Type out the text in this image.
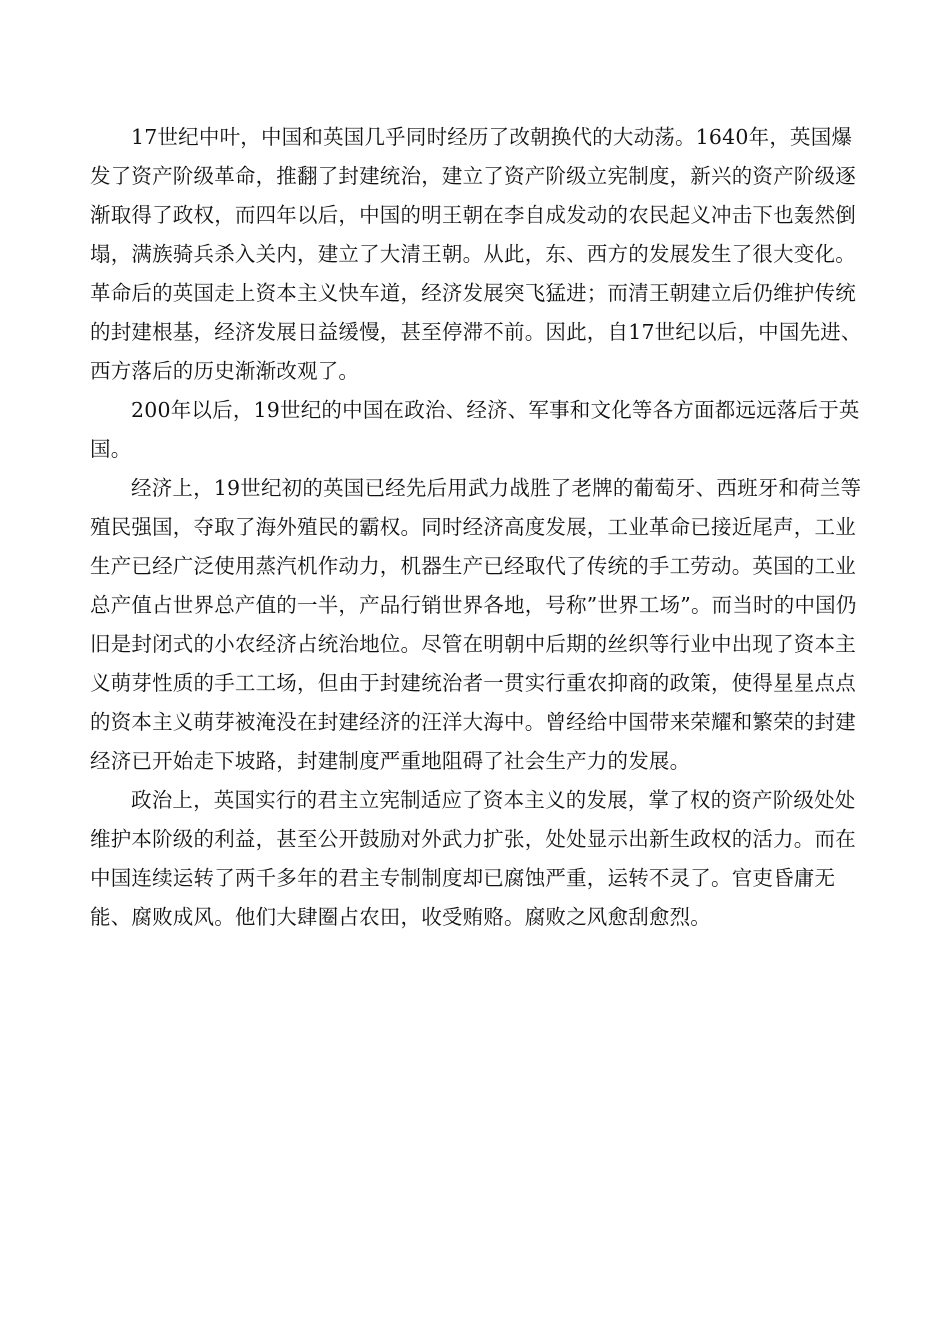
17世纪中叶，中国和英国几乎同时经历了改朝换代的大动荡。1640年，英国爆发了资产阶级革命，推翻了封建统治，建立了资产阶级立宪制度，新兴的资产阶级逐渐取得了政权，而四年以后，中国的明王朝在李自成发动的农民起义冲击下也轰然倒塌，满族骑兵杀入关内，建立了大清王朝。从此，东、西方的发展发生了很大变化。革命后的英国走上资本主义快车道，经济发展突飞猛进；而清王朝建立后仍维护传统的封建根基，经济发展日益缓慢，甚至停滞不前。因此，自17世纪以后，中国先进、西方落后的历史渐渐改观了。

200年以后，19世纪的中国在政治、经济、军事和文化等各方面都远远落后于英国。

经济上，19世纪初的英国已经先后用武力战胜了老牌的葡萄牙、西班牙和荷兰等殖民强国，夺取了海外殖民的霸权。同时经济高度发展，工业革命已接近尾声，工业生产已经广泛使用蒸汽机作动力，机器生产已经取代了传统的手工劳动。英国的工业总产值占世界总产值的一半，产品行销世界各地，号称”世界工场”。而当时的中国仍旧是封闭式的小农经济占统治地位。尽管在明朝中后期的丝织等行业中出现了资本主义萌芽性质的手工工场，但由于封建统治者一贯实行重农抑商的政策，使得星星点点的资本主义萌芽被淹没在封建经济的汪洋大海中。曾经给中国带来荣耀和繁荣的封建经济已开始走下坡路，封建制度严重地阻碍了社会生产力的发展。

政治上，英国实行的君主立宪制适应了资本主义的发展，掌了权的资产阶级处处维护本阶级的利益，甚至公开鼓励对外武力扩张，处处显示出新生政权的活力。而在中国连续运转了两千多年的君主专制制度却已腐蚀严重，运转不灵了。官吏昏庸无能、腐败成风。他们大肆圈占农田，收受贿赂。腐败之风愈刮愈烈。
